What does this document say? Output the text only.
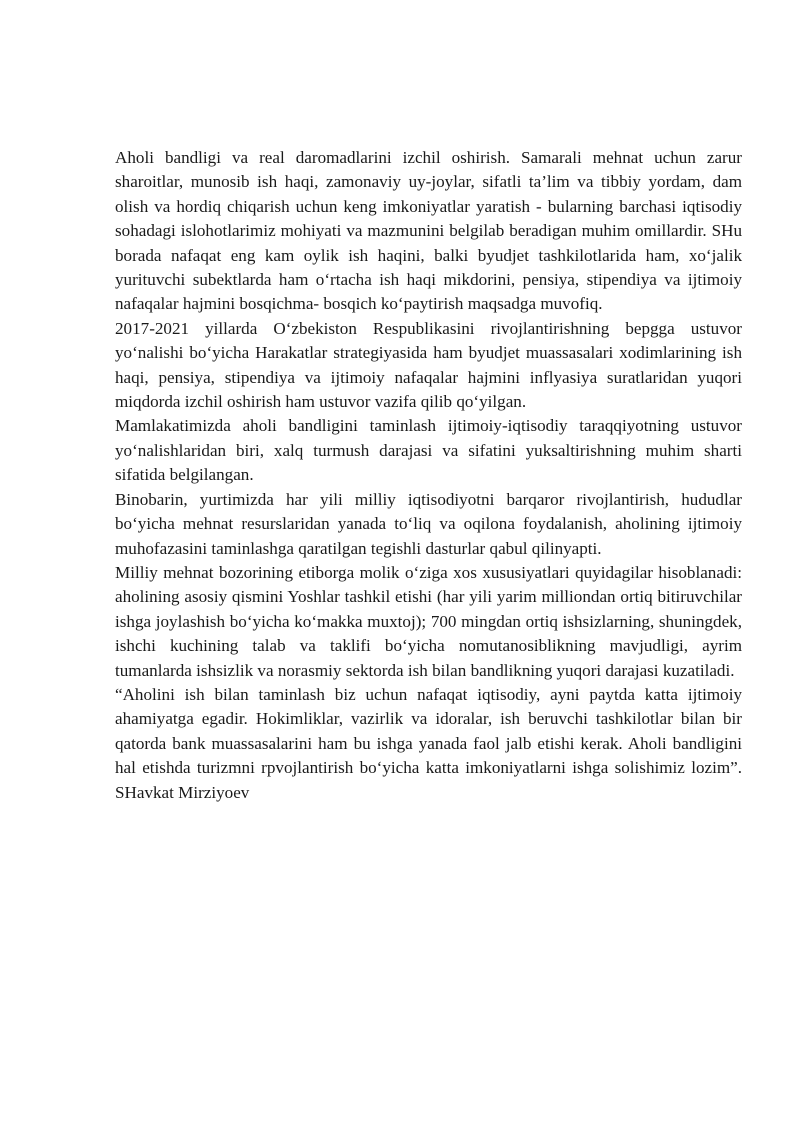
Aholi bandligi va real daromadlarini izchil oshirish. Samarali mehnat uchun zarur sharoitlar, munosib ish haqi, zamonaviy uy-joylar, sifatli ta’lim va tibbiy yordam, dam olish va hordiq chiqarish uchun keng imkoniyatlar yaratish - bularning barchasi iqtisodiy sohadagi islohotlarimiz mohiyati va mazmunini belgilab beradigan muhim omillardir. SHu borada nafaqat eng kam oylik ish haqini, balki byudjet tashkilotlarida ham, xo‘jalik yurituvchi subektlarda ham o‘rtacha ish haqi mikdorini, pensiya, stipendiya va ijtimoiy nafaqalar hajmini bosqichma- bosqich ko‘paytirish maqsadga muvofiq.

2017-2021 yillarda O‘zbekiston Respublikasini rivojlantirishning bepgga ustuvor yo‘nalishi bo‘yicha Harakatlar strategiyasida ham byudjet muassasalari xodimlarining ish haqi, pensiya, stipendiya va ijtimoiy nafaqalar hajmini inflyasiya suratlaridan yuqori miqdorda izchil oshirish ham ustuvor vazifa qilib qo‘yilgan.

Mamlakatimizda aholi bandligini taminlash ijtimoiy-iqtisodiy taraqqiyotning ustuvor yo‘nalishlaridan biri, xalq turmush darajasi va sifatini yuksaltirishning muhim sharti sifatida belgilangan.

Binobarin, yurtimizda har yili milliy iqtisodiyotni barqaror rivojlantirish, hududlar bo‘yicha mehnat resurslaridan yanada to‘liq va oqilona foydalanish, aholining ijtimoiy muhofazasini taminlashga qaratilgan tegishli dasturlar qabul qilinyapti.

Milliy mehnat bozorining etiborga molik o‘ziga xos xususiyatlari quyidagilar hisoblanadi: aholining asosiy qismini Yoshlar tashkil etishi (har yili yarim milliondan ortiq bitiruvchilar ishga joylashish bo‘yicha ko‘makka muxtoj); 700 mingdan ortiq ishsizlarning, shuningdek, ishchi kuchining talab va taklifi bo‘yicha nomutanosiblikning mavjudligi, ayrim tumanlarda ishsizlik va norasmiy sektorda ish bilan bandlikning yuqori darajasi kuzatiladi.

“Aholini ish bilan taminlash biz uchun nafaqat iqtisodiy, ayni paytda katta ijtimoiy ahamiyatga egadir. Hokimliklar, vazirlik va idoralar, ish beruvchi tashkilotlar bilan bir qatorda bank muassasalarini ham bu ishga yanada faol jalb etishi kerak. Aholi bandligini hal etishda turizmni rpvojlantirish bo‘yicha katta imkoniyatlarni ishga solishimiz lozim”. SHavkat Mirziyoev
